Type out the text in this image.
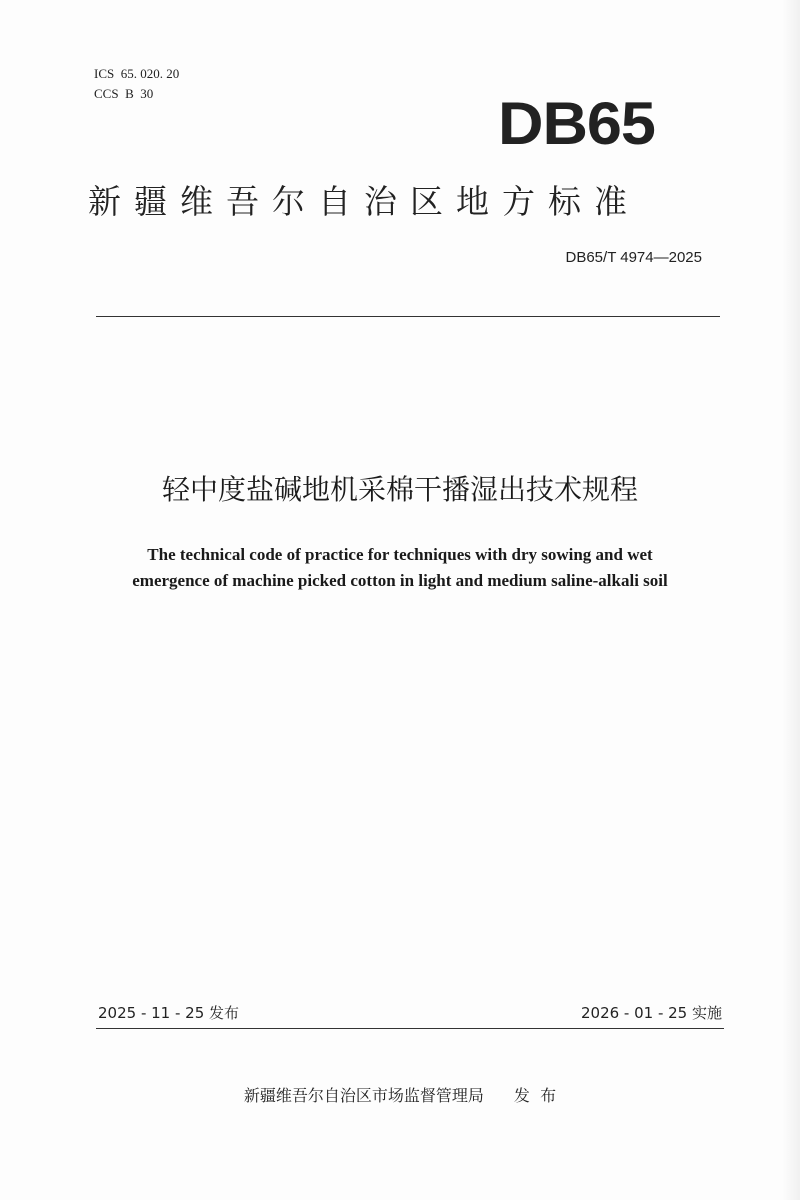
ICS  65. 020. 20
CCS  B  30	DB65
新疆维吾尔自治区地方标准
DB65/T 4974—2025
轻中度盐碱地机采棉干播湿出技术规程
The technical code of practice for techniques with dry sowing and wet
emergence of machine picked cotton in light and medium saline-alkali soil
2025 - 11 - 25 发布	2026 - 01 - 25 实施
新疆维吾尔自治区市场监督管理局 发  布
